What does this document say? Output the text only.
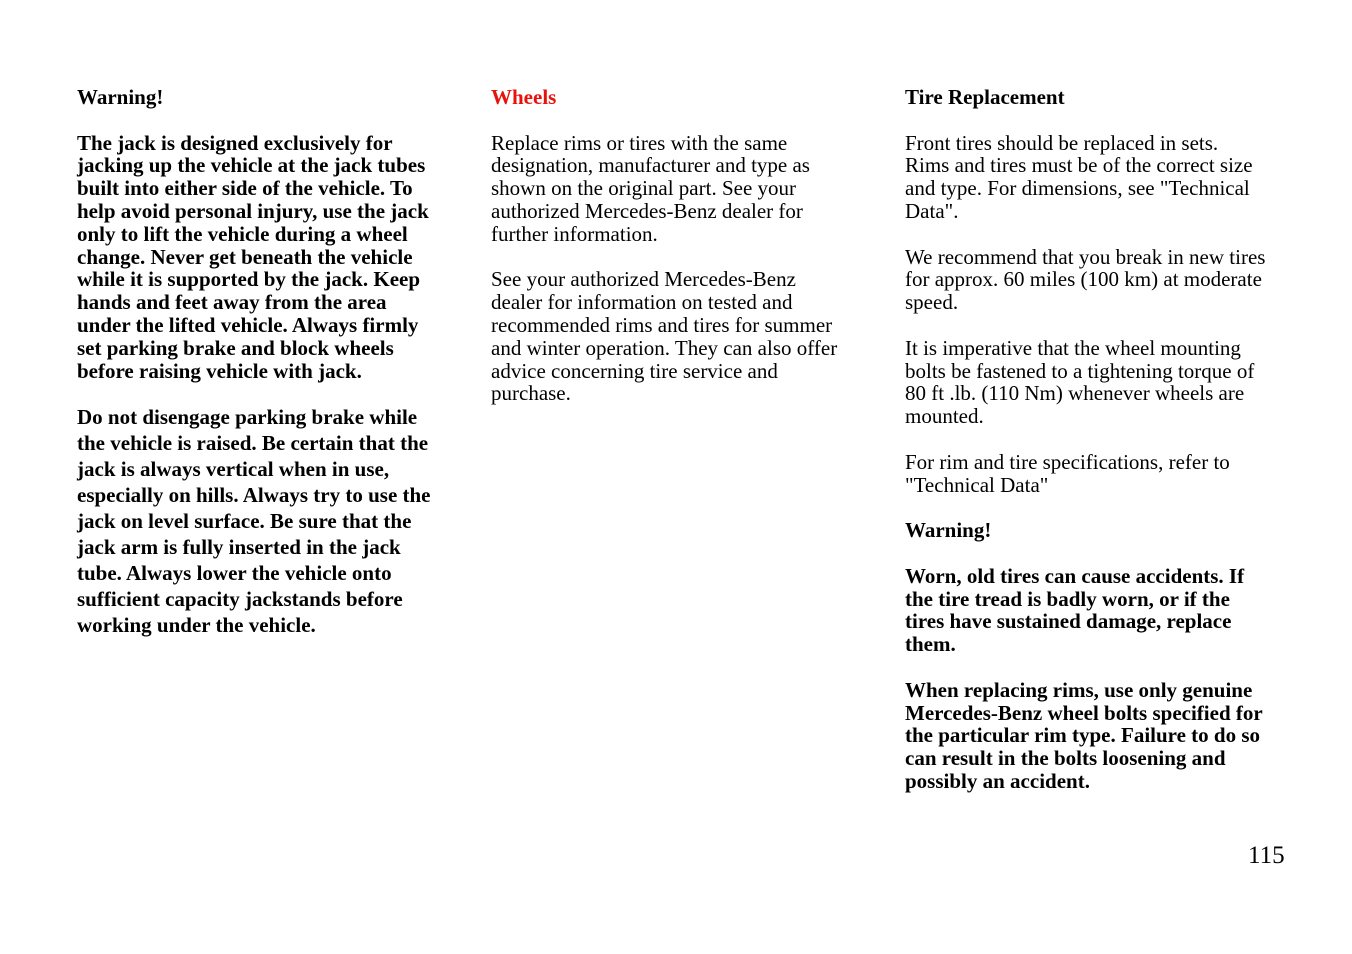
Warning!

The jack is designed exclusively for jacking up the vehicle at the jack tubes built into either side of the vehicle. To help avoid personal injury, use the jack only to lift the vehicle during a wheel change. Never get beneath the vehicle while it is supported by the jack. Keep hands and feet away from the area under the lifted vehicle. Always firmly set parking brake and block wheels before raising vehicle with jack.

Do not disengage parking brake while the vehicle is raised. Be certain that the jack is always vertical when in use, especially on hills. Always try to use the jack on level surface. Be sure that the jack arm is fully inserted in the jack tube. Always lower the vehicle onto sufficient capacity jackstands before working under the vehicle.

Wheels

Replace rims or tires with the same designation, manufacturer and type as shown on the original part. See your authorized Mercedes-Benz dealer for further information.

See your authorized Mercedes-Benz dealer for information on tested and recommended rims and tires for summer and winter operation. They can also offer advice concerning tire service and purchase.

Tire Replacement

Front tires should be replaced in sets. Rims and tires must be of the correct size and type. For dimensions, see "Technical Data".

We recommend that you break in new tires for approx. 60 miles (100 km) at moderate speed.

It is imperative that the wheel mounting bolts be fastened to a tightening torque of 80 ft .lb. (110 Nm) whenever wheels are mounted.

For rim and tire specifications, refer to "Technical Data"

Warning!

Worn, old tires can cause accidents. If the tire tread is badly worn, or if the tires have sustained damage, replace them.

When replacing rims, use only genuine Mercedes-Benz wheel bolts specified for the particular rim type. Failure to do so can result in the bolts loosening and possibly an accident.

115
